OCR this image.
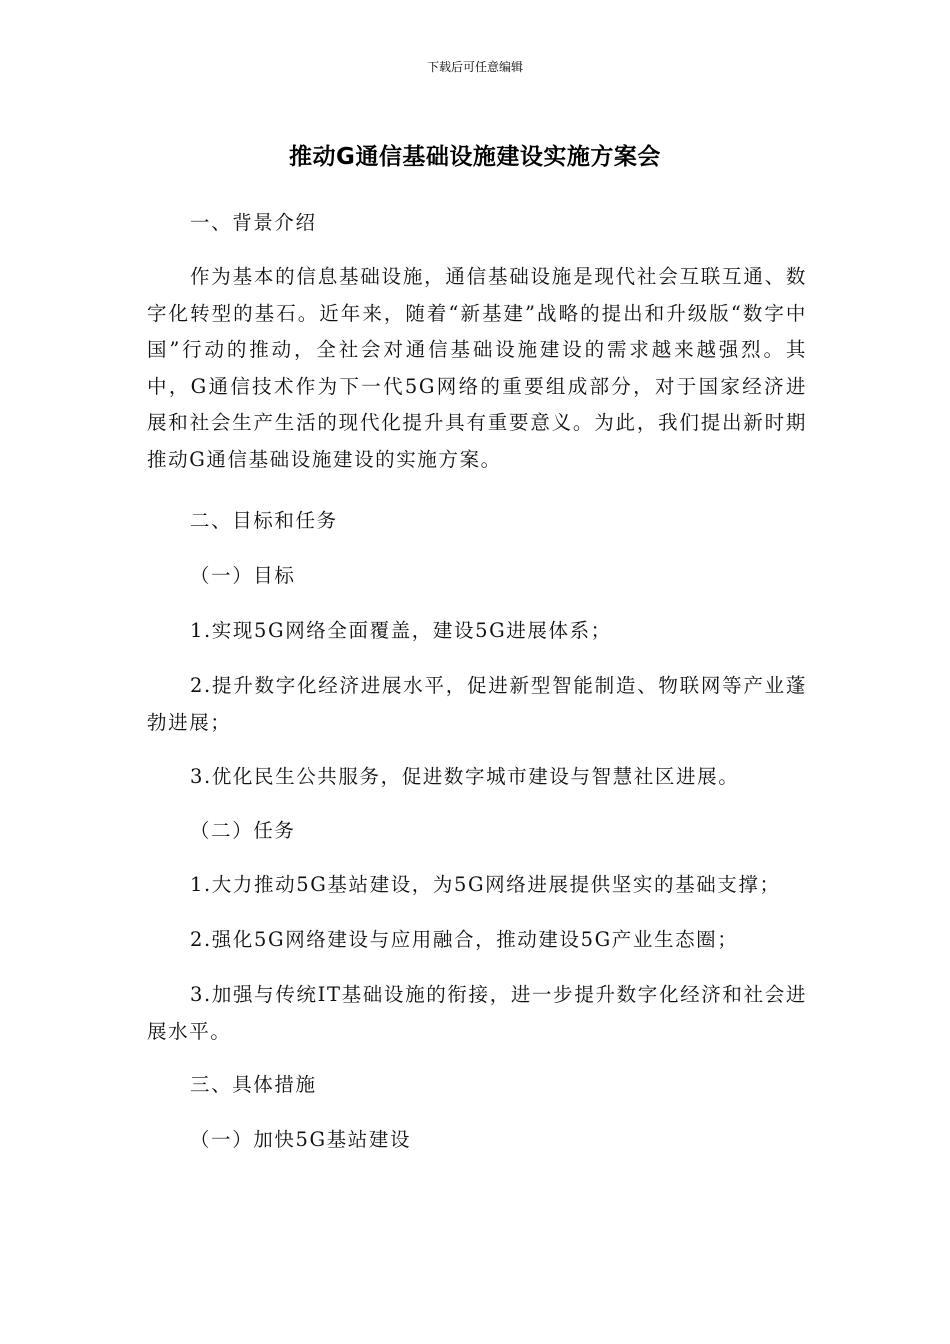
下载后可任意编辑
推动G通信基础设施建设实施方案会

一、背景介绍

作为基本的信息基础设施，通信基础设施是现代社会互联互通、数字化转型的基石。近年来，随着“新基建”战略的提出和升级版“数字中国”行动的推动，全社会对通信基础设施建设的需求越来越强烈。其中，G通信技术作为下一代5G网络的重要组成部分，对于国家经济进展和社会生产生活的现代化提升具有重要意义。为此，我们提出新时期推动G通信基础设施建设的实施方案。

二、目标和任务

（一）目标

1.实现5G网络全面覆盖，建设5G进展体系；

2.提升数字化经济进展水平，促进新型智能制造、物联网等产业蓬勃进展；

3.优化民生公共服务，促进数字城市建设与智慧社区进展。

（二）任务

1.大力推动5G基站建设，为5G网络进展提供坚实的基础支撑；

2.强化5G网络建设与应用融合，推动建设5G产业生态圈；

3.加强与传统IT基础设施的衔接，进一步提升数字化经济和社会进展水平。

三、具体措施

（一）加快5G基站建设
